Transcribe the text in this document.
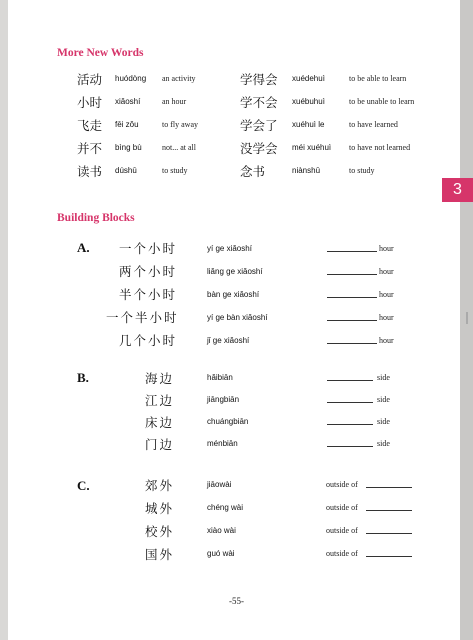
More New Words
3
活动 huódòng an activity
小时 xiǎoshí	an hour
飞走 fēi zǒu	to fly away
并不 bìng bù	not... at all
读书 dúshū	to study
学得会 xuédehuì	to be able to learn
学不会 xuébuhuì	to be unable to learn
学会了 xuéhuì le	to have learned
没学会 méi xuéhuì to have not learned
念书	niànshū	to study
Building Blocks
A. 一个小时	yí ge xiǎoshí	hour
两个小时	liǎng ge xiǎoshí	hour
半个小时	bàn ge xiǎoshí	hour
一个半小时	yí ge bàn xiǎoshí	hour
几个小时	jǐ ge xiǎoshí	hour
B.	海边	hǎibiān	side
江边	jiāngbiān	side
床边	chuángbiān	side
门边	ménbiān	side
C.	郊外	jiāowài	outside of
城外	chéng wài	outside of
校外	xiào wài	outside of
国外	guó wài	outside of
-55-
